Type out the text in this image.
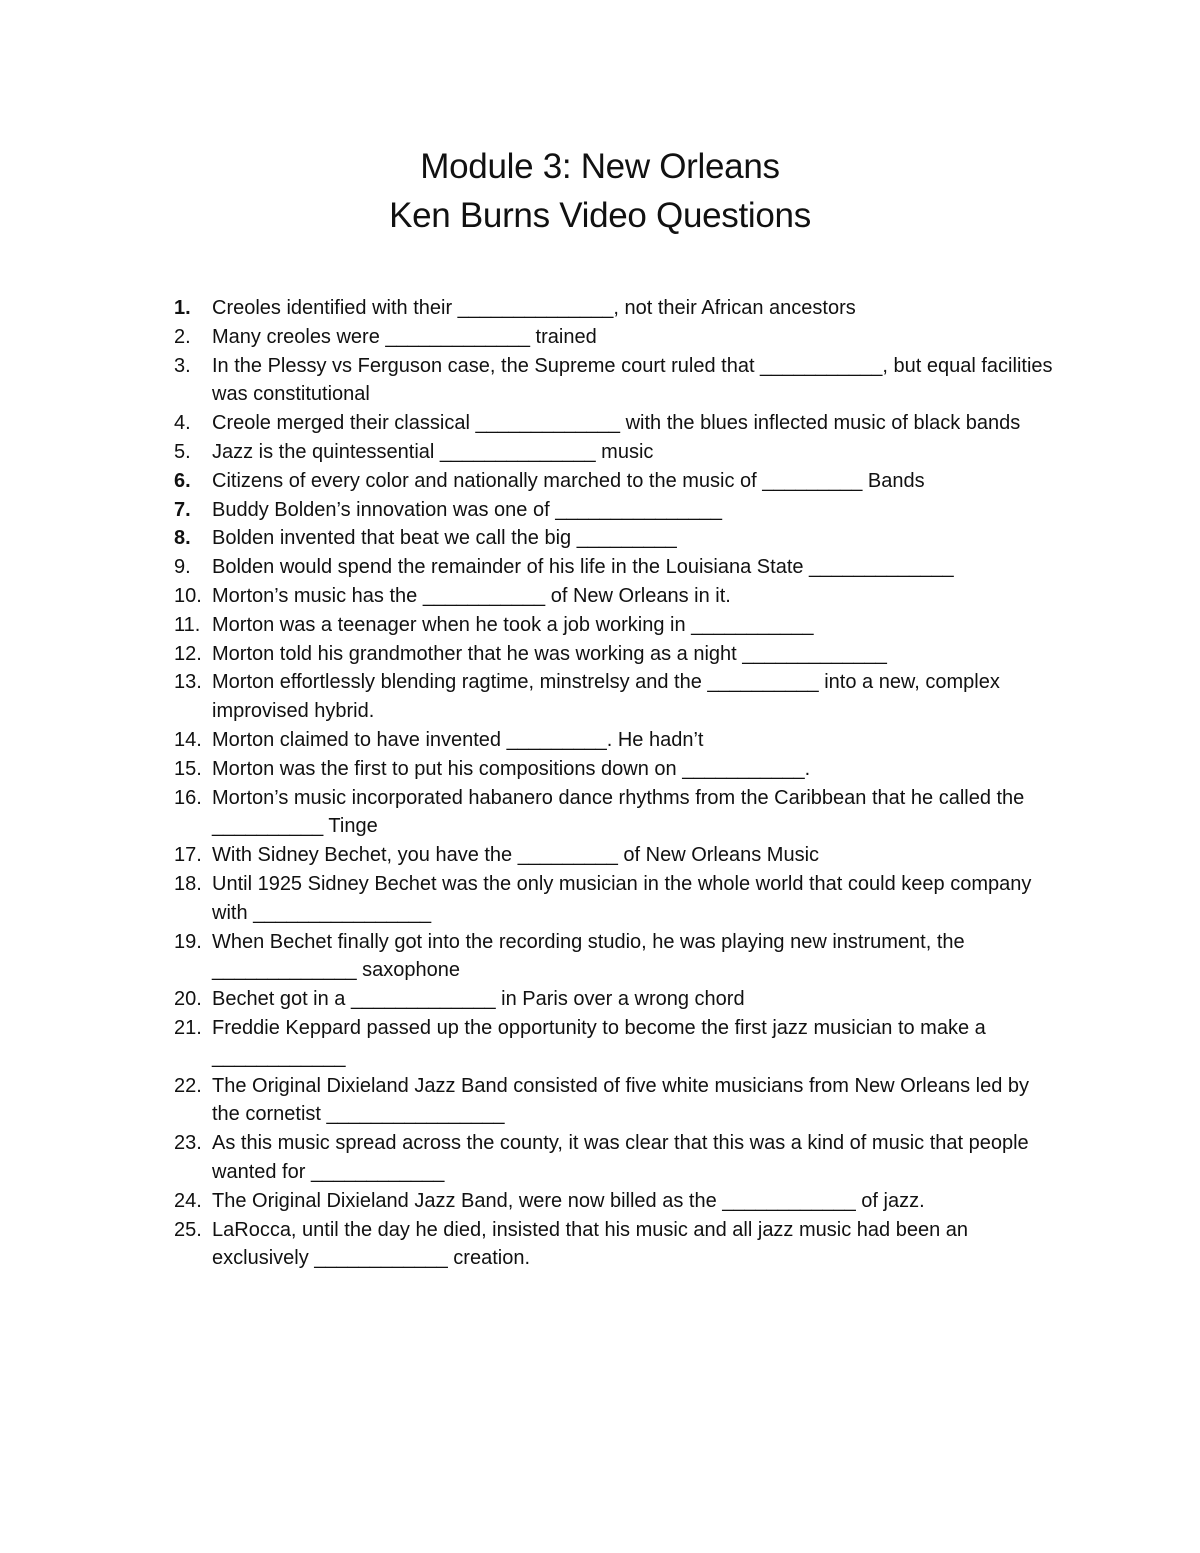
Module 3: New Orleans
Ken Burns Video Questions
1.	Creoles identified with their ______________, not their African ancestors
2.	Many creoles were _____________ trained
3.	In the Plessy vs Ferguson case, the Supreme court ruled that ___________, but equal facilities was constitutional
4.	Creole merged their classical _____________ with the blues inflected music of black bands
5.	Jazz is the quintessential ______________ music
6.	Citizens of every color and nationally marched to the music of _________ Bands
7.	Buddy Bolden’s innovation was one of _______________
8.	Bolden invented that beat we call the big _________
9.	Bolden would spend the remainder of his life in the Louisiana State _____________
10. Morton’s music has the ___________ of New Orleans in it.
11. Morton was a teenager when he took a job working in ___________
12. Morton told his grandmother that he was working as a night _____________
13. Morton effortlessly blending ragtime, minstrelsy and the __________ into a new, complex improvised hybrid.
14. Morton claimed to have invented _________. He hadn’t
15. Morton was the first to put his compositions down on ___________.
16. Morton’s music incorporated habanero dance rhythms from the Caribbean that he called the __________ Tinge
17. With Sidney Bechet, you have the _________ of New Orleans Music
18. Until 1925 Sidney Bechet was the only musician in the whole world that could keep company with ________________
19. When Bechet finally got into the recording studio, he was playing new instrument, the _____________ saxophone
20. Bechet got in a _____________ in Paris over a wrong chord
21. Freddie Keppard passed up the opportunity to become the first jazz musician to make a ____________
22. The Original Dixieland Jazz Band consisted of five white musicians from New Orleans led by the cornetist ________________
23. As this music spread across the county, it was clear that this was a kind of music that people wanted for ____________
24. The Original Dixieland Jazz Band, were now billed as the ____________ of jazz.
25. LaRocca, until the day he died, insisted that his music and all jazz music had been an exclusively ____________ creation.
